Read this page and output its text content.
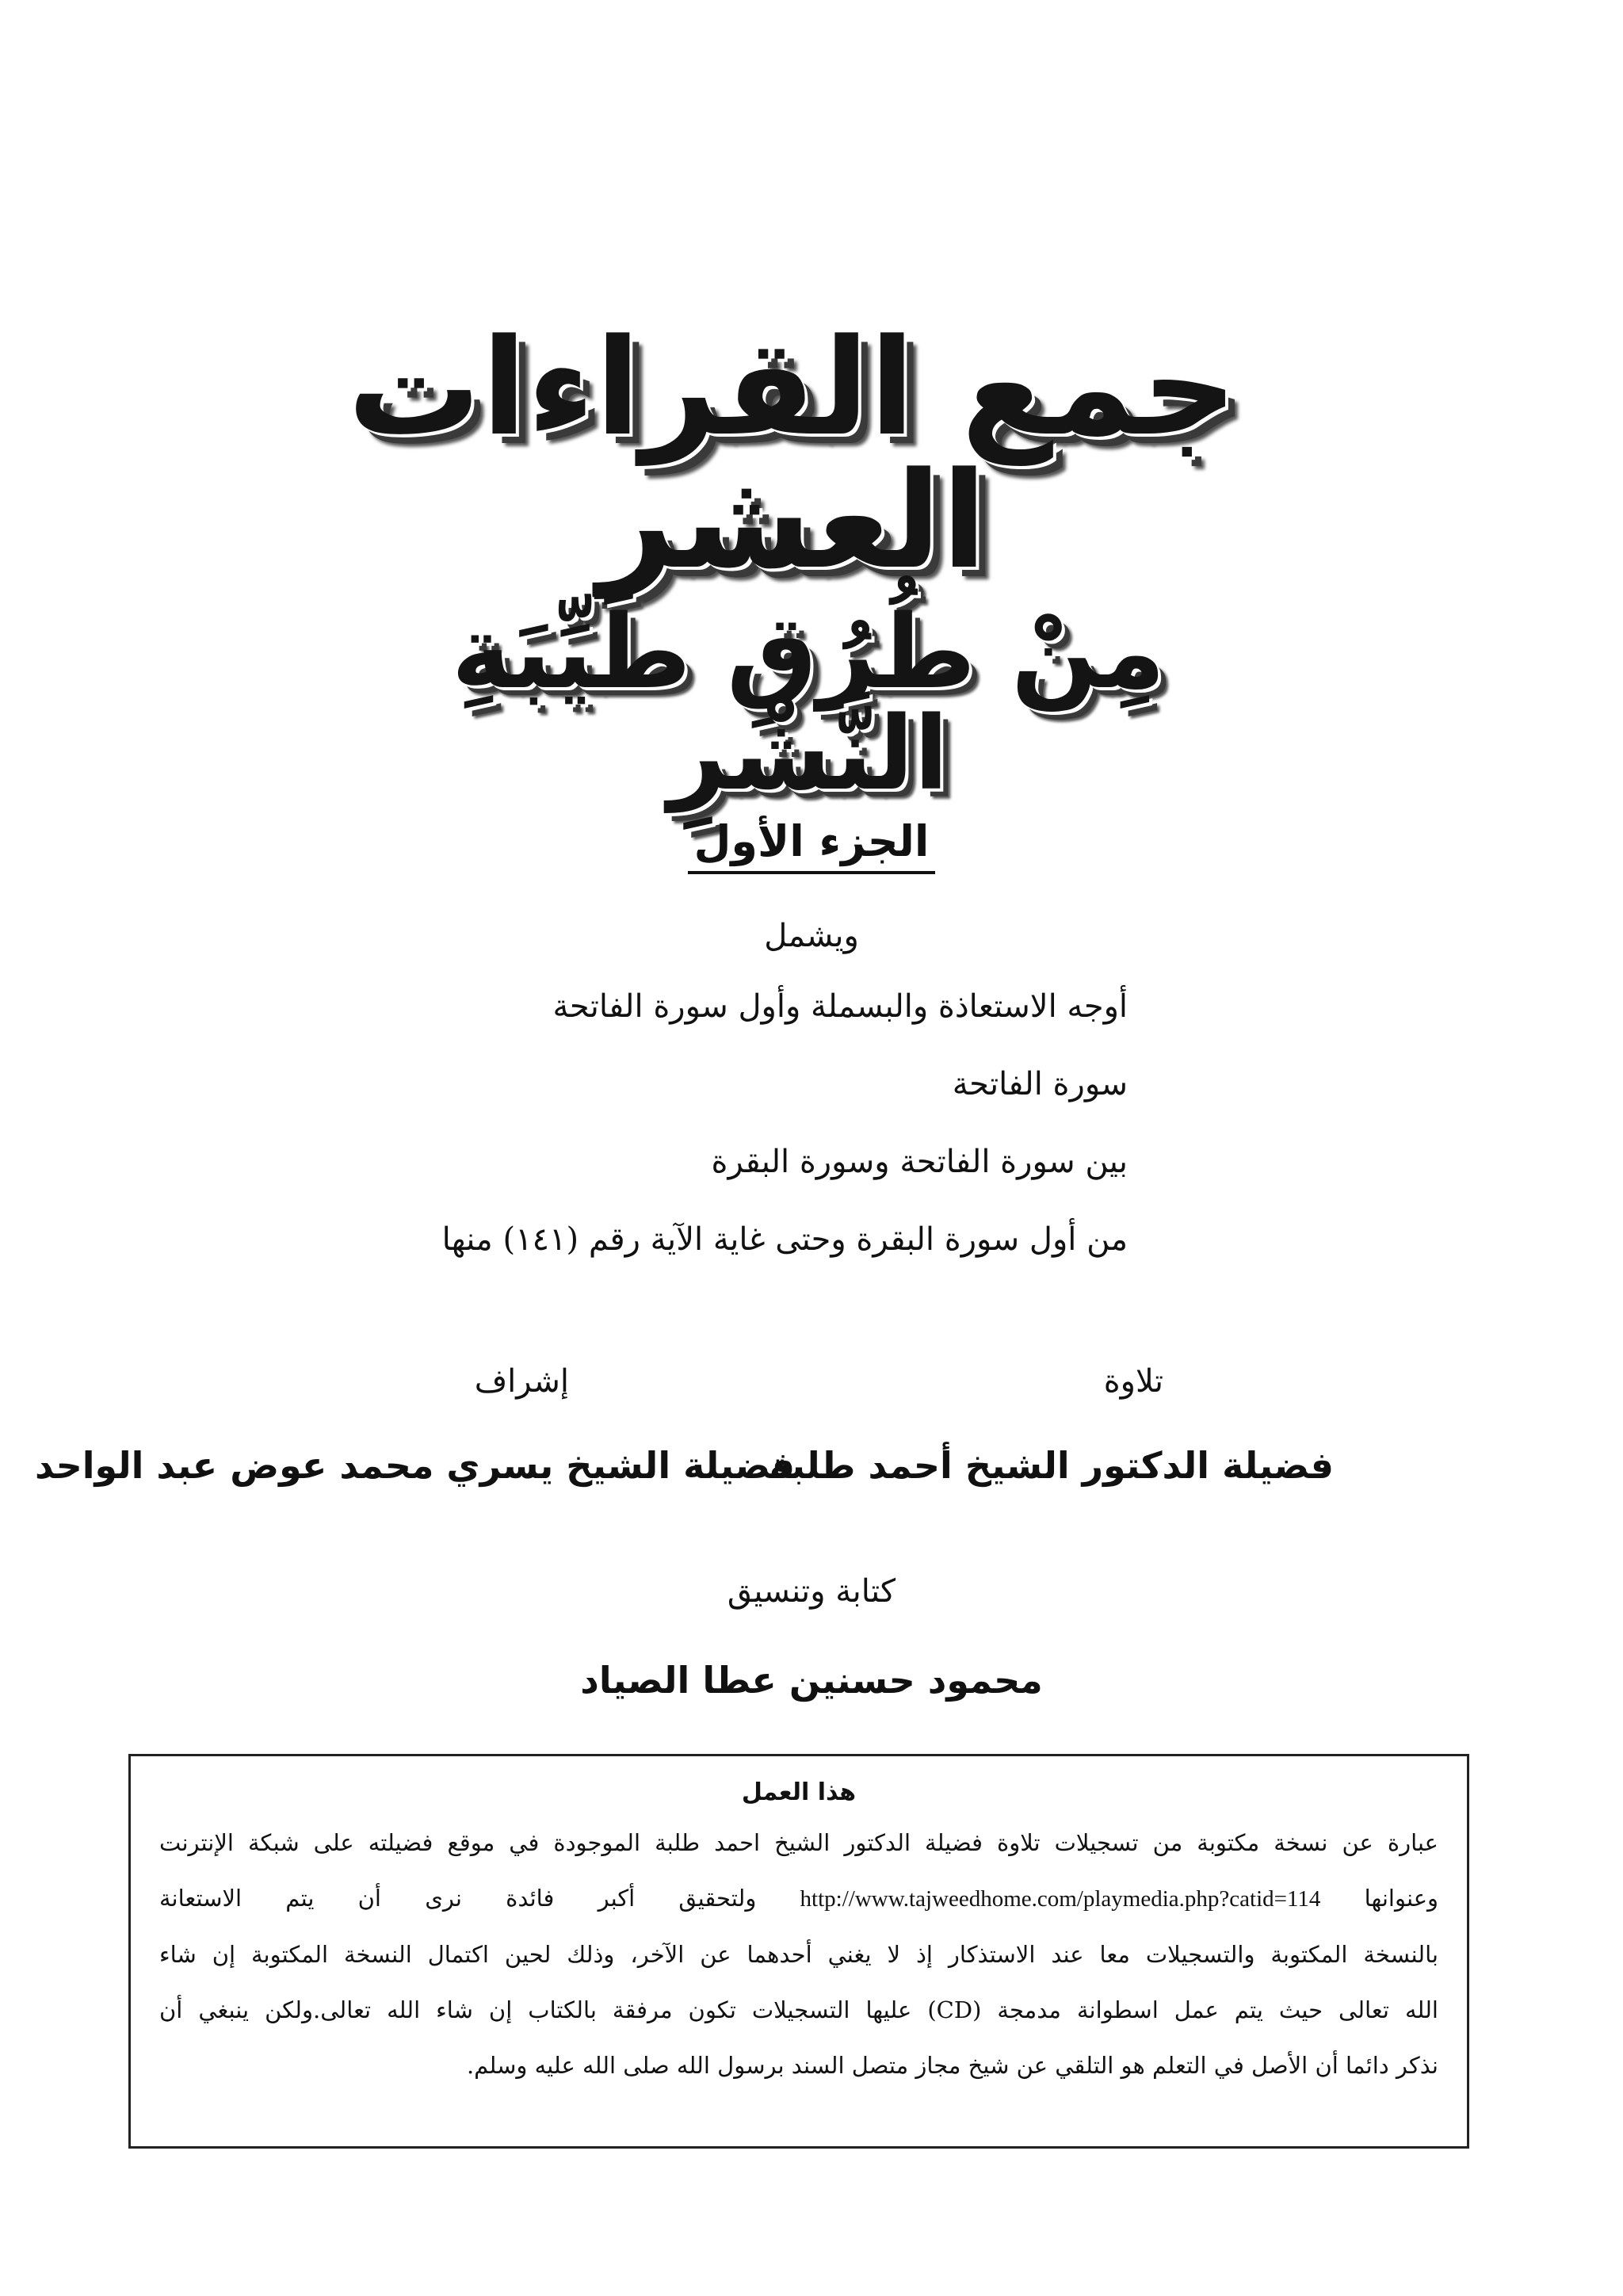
جمع القراءات العشر
مِنْ طُرُقِ طَيِّبَةِ النَّشْرِ
الجزء الأول
ويشمل
أوجه الاستعاذة والبسملة وأول سورة الفاتحة
سورة الفاتحة
بين سورة الفاتحة وسورة البقرة
من أول سورة البقرة وحتى غاية الآية رقم (١٤١) منها
تلاوة
إشراف
فضيلة الدكتور الشيخ أحمد طلبة
فضيلة الشيخ يسري محمد عوض عبد الواحد
كتابة وتنسيق
محمود حسنين عطا الصياد
هذا العمل
عبارة عن نسخة مكتوبة من تسجيلات تلاوة فضيلة الدكتور الشيخ احمد طلبة الموجودة في موقع فضيلته على شبكة الإنترنت
وعنوانها http://www.tajweedhome.com/playmedia.php?catid=114 ولتحقيق أكبر فائدة نرى أن يتم الاستعانة
بالنسخة المكتوبة والتسجيلات معا عند الاستذكار إذ لا يغني أحدهما عن الآخر، وذلك لحين اكتمال النسخة المكتوبة إن شاء
الله تعالى حيث يتم عمل اسطوانة مدمجة (CD) عليها التسجيلات تكون مرفقة بالكتاب إن شاء الله تعالى.ولكن ينبغي أن
نذكر دائما أن الأصل في التعلم هو التلقي عن شيخ مجاز متصل السند برسول الله صلى الله عليه وسلم.
